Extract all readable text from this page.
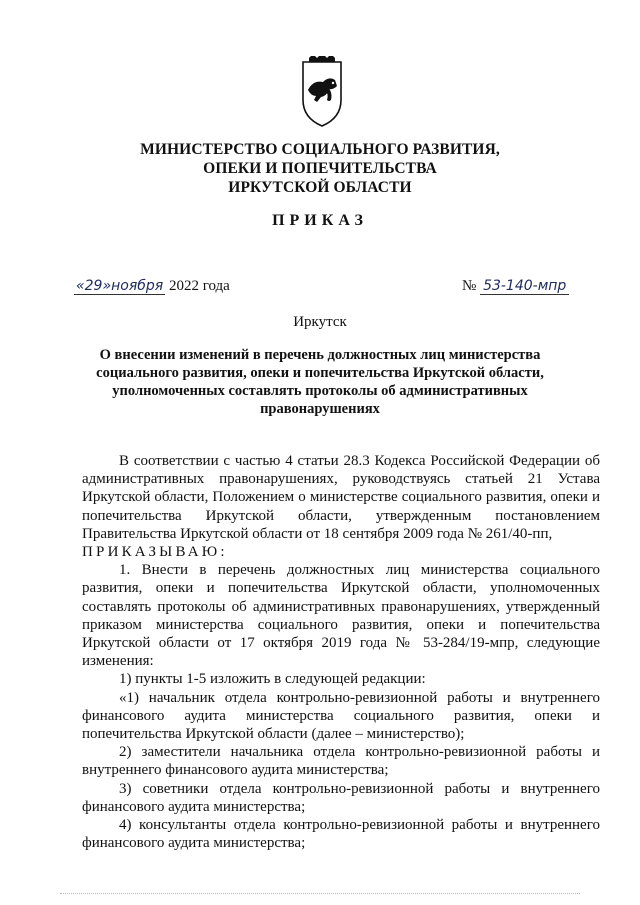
МИНИСТЕРСТВО СОЦИАЛЬНОГО РАЗВИТИЯ,
ОПЕКИ И ПОПЕЧИТЕЛЬСТВА
ИРКУТСКОЙ ОБЛАСТИ
ПРИКАЗ
«29»ноября 2022 года	№ 53-140-мпр
Иркутск
О внесении изменений в перечень должностных лиц министерства
социального развития, опеки и попечительства Иркутской области,
уполномоченных составлять протоколы об административных
правонарушениях

В соответствии с частью 4 статьи 28.3 Кодекса Российской Федерации об административных правонарушениях, руководствуясь статьей 21 Устава Иркутской области, Положением о министерстве социального развития, опеки и попечительства Иркутской области, утвержденным постановлением Правительства Иркутской области от 18 сентября 2009 года № 261/40-пп,

ПРИКАЗЫВАЮ:

1. Внести в перечень должностных лиц министерства социального развития, опеки и попечительства Иркутской области, уполномоченных составлять протоколы об административных правонарушениях, утвержденный приказом министерства социального развития, опеки и попечительства Иркутской области от 17 октября 2019 года № 53-284/19-мпр, следующие изменения:

1) пункты 1-5 изложить в следующей редакции:

«1) начальник отдела контрольно-ревизионной работы и внутреннего финансового аудита министерства социального развития, опеки и попечительства Иркутской области (далее – министерство);

2) заместители начальника отдела контрольно-ревизионной работы и внутреннего финансового аудита министерства;

3) советники отдела контрольно-ревизионной работы и внутреннего финансового аудита министерства;

4) консультанты отдела контрольно-ревизионной работы и внутреннего финансового аудита министерства;
